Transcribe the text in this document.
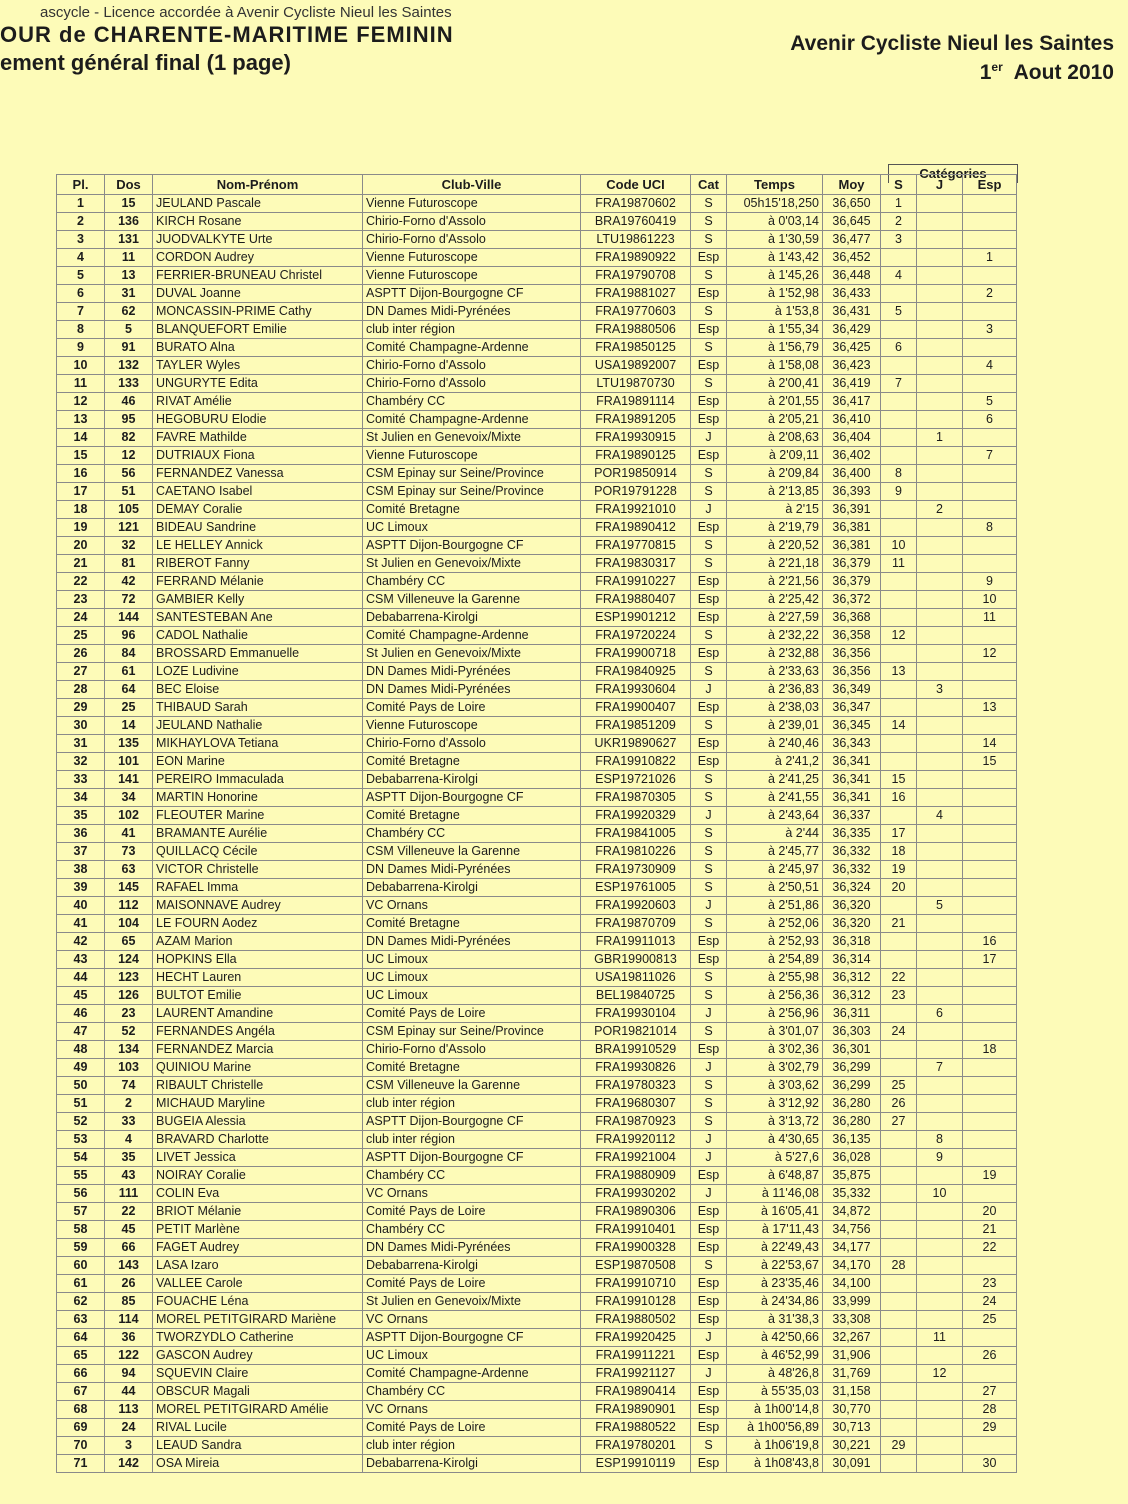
ascycle - Licence accordée à Avenir Cycliste Nieul les Saintes
OUR de CHARENTE-MARITIME FEMININ
ement général final (1 page)
Avenir Cycliste Nieul les Saintes
1er Aout 2010
Catégories
Pl.	Dos	Nom-Prénom	Club-Ville	Code UCI	Cat	Temps	Moy	S	J	Esp
1	15	JEULAND Pascale	Vienne Futuroscope	FRA19870602	S	05h15'18,250	36,650	1		
2	136	KIRCH Rosane	Chirio-Forno d'Assolo	BRA19760419	S	à 0'03,14	36,645	2		
3	131	JUODVALKYTE Urte	Chirio-Forno d'Assolo	LTU19861223	S	à 1'30,59	36,477	3		
4	11	CORDON Audrey	Vienne Futuroscope	FRA19890922	Esp	à 1'43,42	36,452			1
5	13	FERRIER-BRUNEAU Christel	Vienne Futuroscope	FRA19790708	S	à 1'45,26	36,448	4		
6	31	DUVAL Joanne	ASPTT Dijon-Bourgogne CF	FRA19881027	Esp	à 1'52,98	36,433			2
7	62	MONCASSIN-PRIME Cathy	DN Dames Midi-Pyrénées	FRA19770603	S	à 1'53,8	36,431	5		
8	5	BLANQUEFORT Emilie	club inter région	FRA19880506	Esp	à 1'55,34	36,429			3
9	91	BURATO Alna	Comité Champagne-Ardenne	FRA19850125	S	à 1'56,79	36,425	6		
10	132	TAYLER Wyles	Chirio-Forno d'Assolo	USA19892007	Esp	à 1'58,08	36,423			4
11	133	UNGURYTE Edita	Chirio-Forno d'Assolo	LTU19870730	S	à 2'00,41	36,419	7		
12	46	RIVAT Amélie	Chambéry CC	FRA19891114	Esp	à 2'01,55	36,417			5
13	95	HEGOBURU Elodie	Comité Champagne-Ardenne	FRA19891205	Esp	à 2'05,21	36,410			6
14	82	FAVRE Mathilde	St Julien en Genevoix/Mixte	FRA19930915	J	à 2'08,63	36,404		1	
15	12	DUTRIAUX Fiona	Vienne Futuroscope	FRA19890125	Esp	à 2'09,11	36,402			7
16	56	FERNANDEZ Vanessa	CSM Epinay sur Seine/Province	POR19850914	S	à 2'09,84	36,400	8		
17	51	CAETANO Isabel	CSM Epinay sur Seine/Province	POR19791228	S	à 2'13,85	36,393	9		
18	105	DEMAY Coralie	Comité Bretagne	FRA19921010	J	à 2'15	36,391		2	
19	121	BIDEAU Sandrine	UC Limoux	FRA19890412	Esp	à 2'19,79	36,381			8
20	32	LE HELLEY Annick	ASPTT Dijon-Bourgogne CF	FRA19770815	S	à 2'20,52	36,381	10		
21	81	RIBEROT Fanny	St Julien en Genevoix/Mixte	FRA19830317	S	à 2'21,18	36,379	11		
22	42	FERRAND Mélanie	Chambéry CC	FRA19910227	Esp	à 2'21,56	36,379			9
23	72	GAMBIER Kelly	CSM Villeneuve la Garenne	FRA19880407	Esp	à 2'25,42	36,372			10
24	144	SANTESTEBAN Ane	Debabarrena-Kirolgi	ESP19901212	Esp	à 2'27,59	36,368			11
25	96	CADOL Nathalie	Comité Champagne-Ardenne	FRA19720224	S	à 2'32,22	36,358	12		
26	84	BROSSARD Emmanuelle	St Julien en Genevoix/Mixte	FRA19900718	Esp	à 2'32,88	36,356			12
27	61	LOZE Ludivine	DN Dames Midi-Pyrénées	FRA19840925	S	à 2'33,63	36,356	13		
28	64	BEC Eloise	DN Dames Midi-Pyrénées	FRA19930604	J	à 2'36,83	36,349		3	
29	25	THIBAUD Sarah	Comité Pays de Loire	FRA19900407	Esp	à 2'38,03	36,347			13
30	14	JEULAND Nathalie	Vienne Futuroscope	FRA19851209	S	à 2'39,01	36,345	14		
31	135	MIKHAYLOVA Tetiana	Chirio-Forno d'Assolo	UKR19890627	Esp	à 2'40,46	36,343			14
32	101	EON Marine	Comité Bretagne	FRA19910822	Esp	à 2'41,2	36,341			15
33	141	PEREIRO Immaculada	Debabarrena-Kirolgi	ESP19721026	S	à 2'41,25	36,341	15		
34	34	MARTIN Honorine	ASPTT Dijon-Bourgogne CF	FRA19870305	S	à 2'41,55	36,341	16		
35	102	FLEOUTER Marine	Comité Bretagne	FRA19920329	J	à 2'43,64	36,337		4	
36	41	BRAMANTE Aurélie	Chambéry CC	FRA19841005	S	à 2'44	36,335	17		
37	73	QUILLACQ Cécile	CSM Villeneuve la Garenne	FRA19810226	S	à 2'45,77	36,332	18		
38	63	VICTOR Christelle	DN Dames Midi-Pyrénées	FRA19730909	S	à 2'45,97	36,332	19		
39	145	RAFAEL Imma	Debabarrena-Kirolgi	ESP19761005	S	à 2'50,51	36,324	20		
40	112	MAISONNAVE Audrey	VC Ornans	FRA19920603	J	à 2'51,86	36,320		5	
41	104	LE FOURN Aodez	Comité Bretagne	FRA19870709	S	à 2'52,06	36,320	21		
42	65	AZAM Marion	DN Dames Midi-Pyrénées	FRA19911013	Esp	à 2'52,93	36,318			16
43	124	HOPKINS Ella	UC Limoux	GBR19900813	Esp	à 2'54,89	36,314			17
44	123	HECHT Lauren	UC Limoux	USA19811026	S	à 2'55,98	36,312	22		
45	126	BULTOT Emilie	UC Limoux	BEL19840725	S	à 2'56,36	36,312	23		
46	23	LAURENT Amandine	Comité Pays de Loire	FRA19930104	J	à 2'56,96	36,311		6	
47	52	FERNANDES Angéla	CSM Epinay sur Seine/Province	POR19821014	S	à 3'01,07	36,303	24		
48	134	FERNANDEZ Marcia	Chirio-Forno d'Assolo	BRA19910529	Esp	à 3'02,36	36,301			18
49	103	QUINIOU Marine	Comité Bretagne	FRA19930826	J	à 3'02,79	36,299		7	
50	74	RIBAULT Christelle	CSM Villeneuve la Garenne	FRA19780323	S	à 3'03,62	36,299	25		
51	2	MICHAUD Maryline	club inter région	FRA19680307	S	à 3'12,92	36,280	26		
52	33	BUGEIA Alessia	ASPTT Dijon-Bourgogne CF	FRA19870923	S	à 3'13,72	36,280	27		
53	4	BRAVARD Charlotte	club inter région	FRA19920112	J	à 4'30,65	36,135		8	
54	35	LIVET Jessica	ASPTT Dijon-Bourgogne CF	FRA19921004	J	à 5'27,6	36,028		9	
55	43	NOIRAY Coralie	Chambéry CC	FRA19880909	Esp	à 6'48,87	35,875			19
56	111	COLIN Eva	VC Ornans	FRA19930202	J	à 11'46,08	35,332		10	
57	22	BRIOT Mélanie	Comité Pays de Loire	FRA19890306	Esp	à 16'05,41	34,872			20
58	45	PETIT Marlène	Chambéry CC	FRA19910401	Esp	à 17'11,43	34,756			21
59	66	FAGET Audrey	DN Dames Midi-Pyrénées	FRA19900328	Esp	à 22'49,43	34,177			22
60	143	LASA Izaro	Debabarrena-Kirolgi	ESP19870508	S	à 22'53,67	34,170	28		
61	26	VALLEE Carole	Comité Pays de Loire	FRA19910710	Esp	à 23'35,46	34,100			23
62	85	FOUACHE Léna	St Julien en Genevoix/Mixte	FRA19910128	Esp	à 24'34,86	33,999			24
63	114	MOREL PETITGIRARD Mariène	VC Ornans	FRA19880502	Esp	à 31'38,3	33,308			25
64	36	TWORZYDLO Catherine	ASPTT Dijon-Bourgogne CF	FRA19920425	J	à 42'50,66	32,267		11	
65	122	GASCON Audrey	UC Limoux	FRA19911221	Esp	à 46'52,99	31,906			26
66	94	SQUEVIN Claire	Comité Champagne-Ardenne	FRA19921127	J	à 48'26,8	31,769		12	
67	44	OBSCUR Magali	Chambéry CC	FRA19890414	Esp	à 55'35,03	31,158			27
68	113	MOREL PETITGIRARD Amélie	VC Ornans	FRA19890901	Esp	à 1h00'14,8	30,770			28
69	24	RIVAL Lucile	Comité Pays de Loire	FRA19880522	Esp	à 1h00'56,89	30,713			29
70	3	LEAUD Sandra	club inter région	FRA19780201	S	à 1h06'19,8	30,221	29		
71	142	OSA Mireia	Debabarrena-Kirolgi	ESP19910119	Esp	à 1h08'43,8	30,091			30
